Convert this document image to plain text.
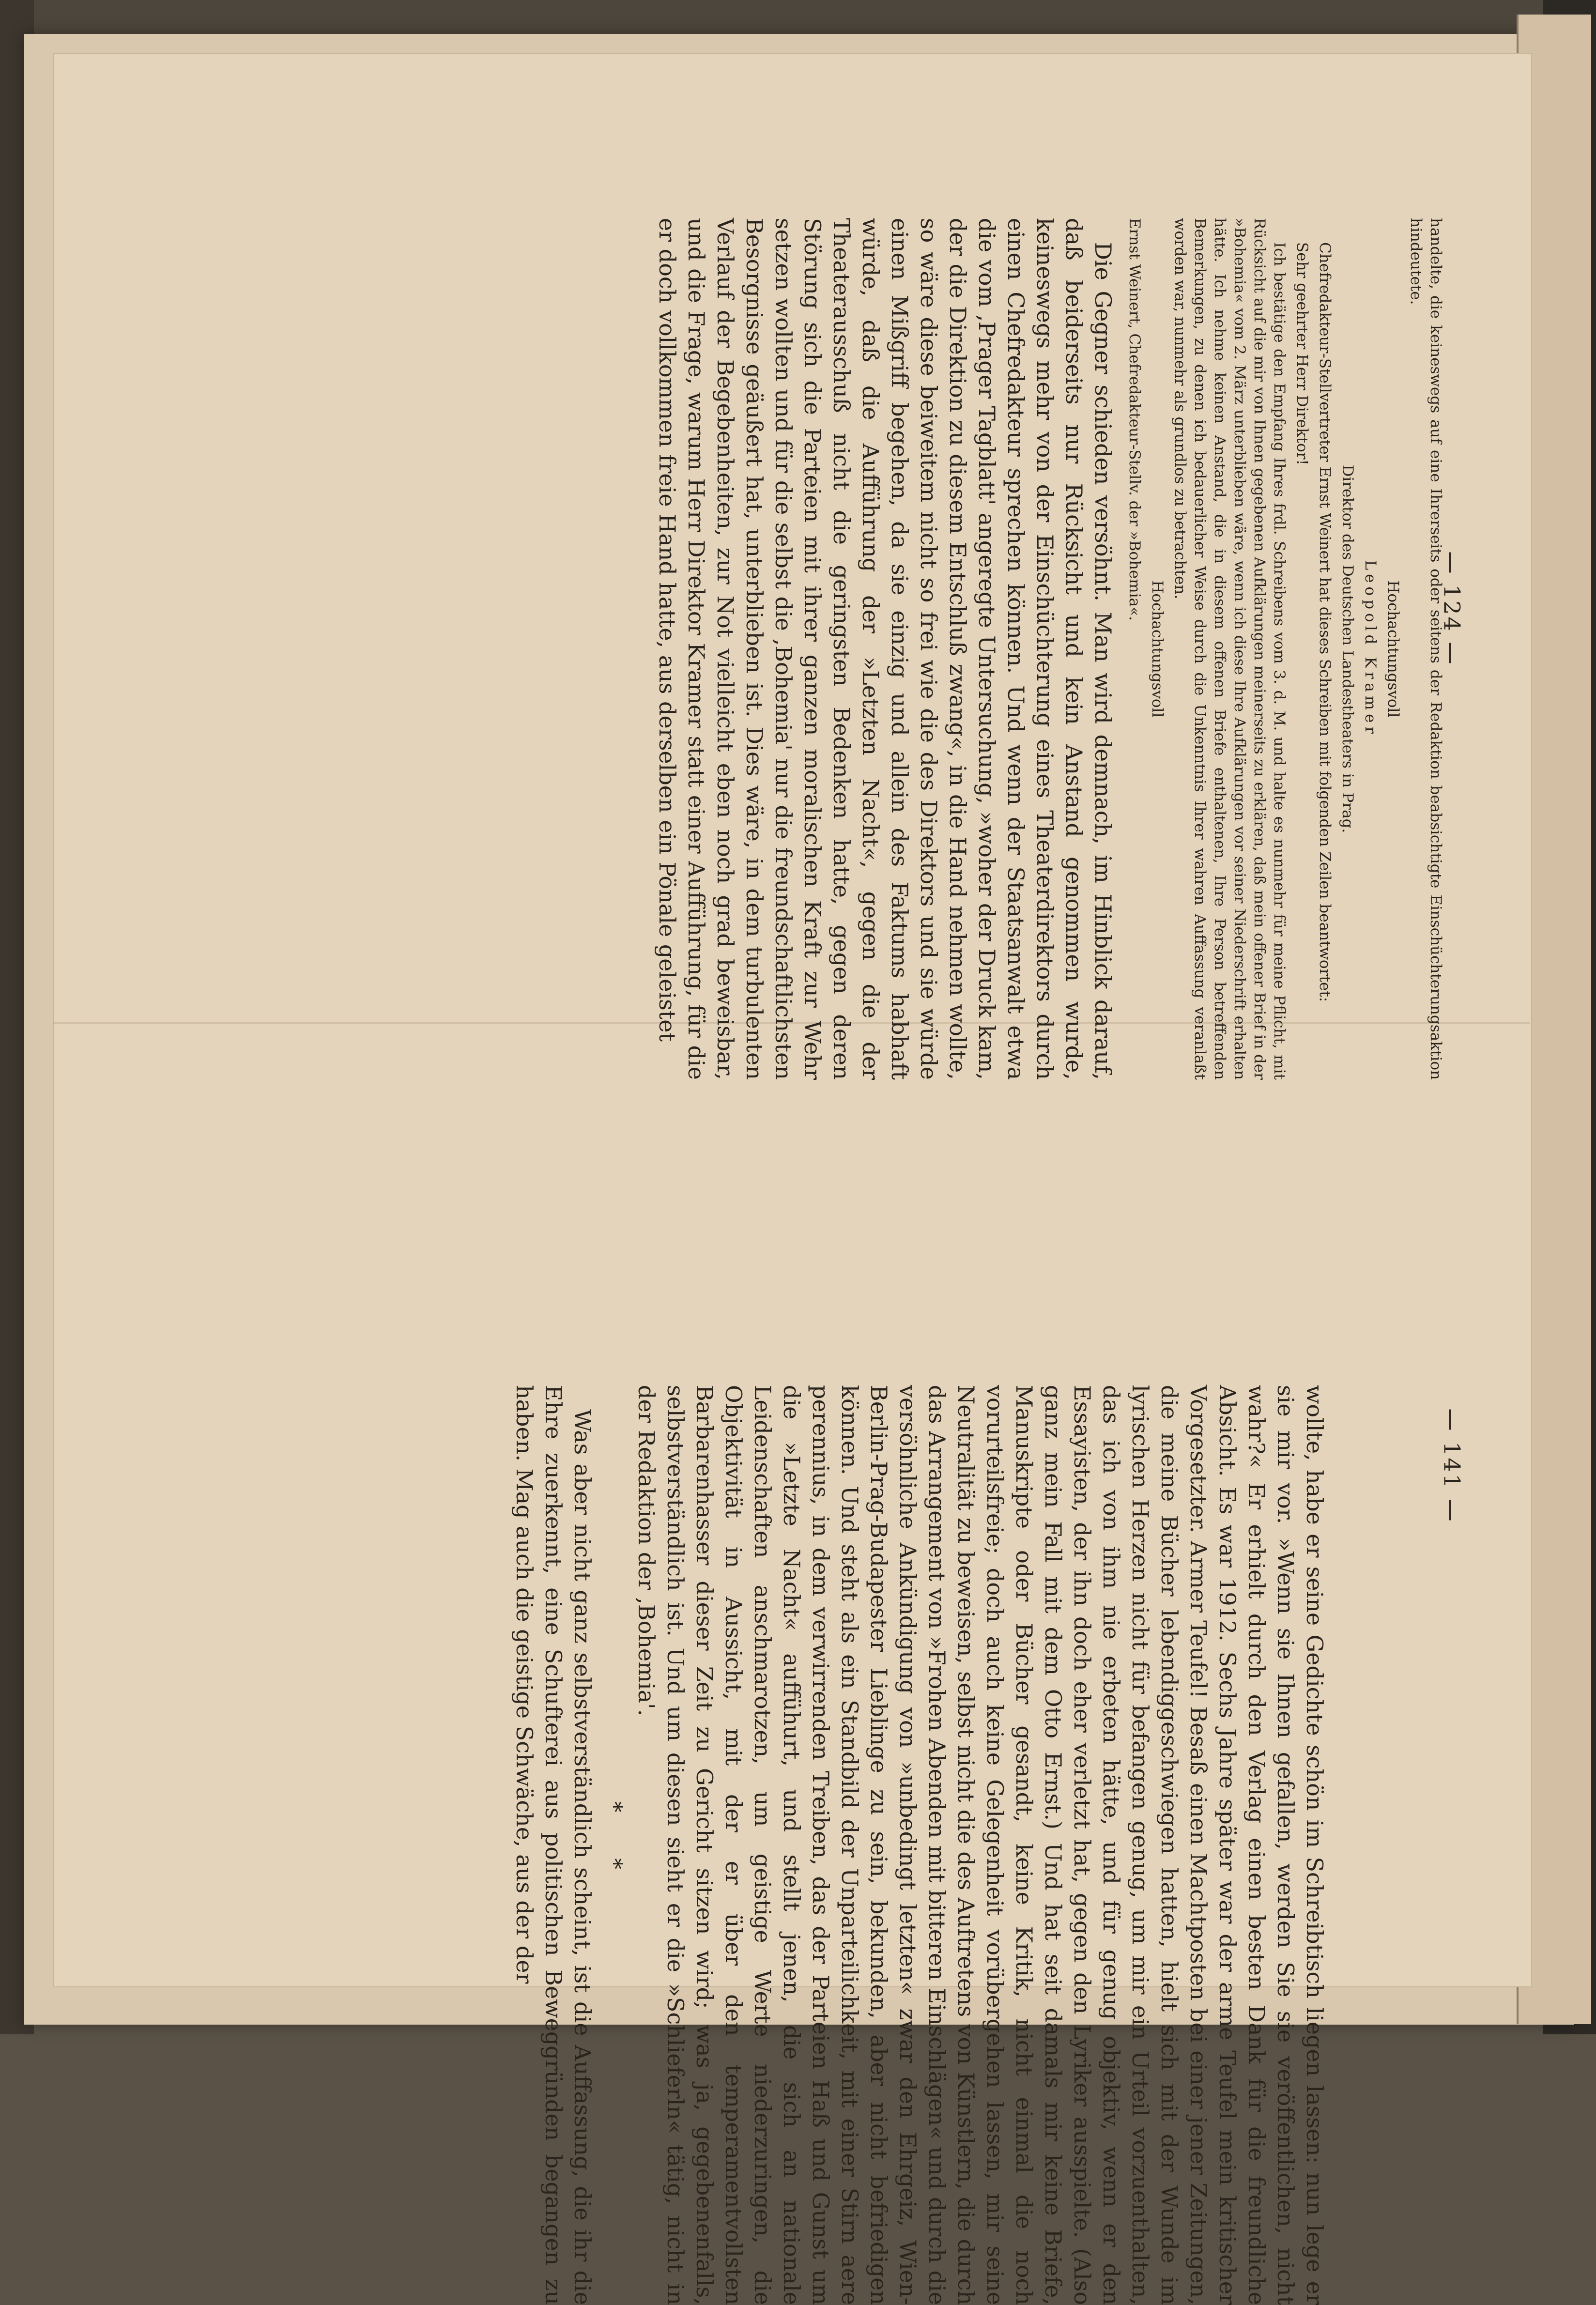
— 124 —

handelte, die keineswegs auf eine Ihrerseits oder seitens der Redaktion beabsichtigte Einschüchterungsaktion hindeutete.

Hochachtungsvoll

Leopold Kramer

Direktor des Deutschen Landestheaters in Prag.

Chefredakteur-Stellvertreter Ernst Weinert hat dieses Schreiben mit folgenden Zeilen beantwortet:

Sehr geehrter Herr Direktor!

Ich bestätige den Empfang Ihres frdl. Schreibens vom 3. d. M. und halte es nunmehr für meine Pflicht, mit Rücksicht auf die mir von Ihnen gegebenen Aufklärungen meinerseits zu erklären, daß mein offener Brief in der »Bohemia« vom 2. März unterblieben wäre, wenn ich diese Ihre Aufklärungen vor seiner Niederschrift erhalten hätte. Ich nehme keinen Anstand, die in diesem offenen Briefe enthaltenen, Ihre Person betreffenden Bemerkungen, zu denen ich bedauerlicher Weise durch die Unkenntnis Ihrer wahren Auffassung veranlaßt worden war, nunmehr als grundlos zu betrachten.

Hochachtungsvoll

Ernst Weinert, Chefredakteur-Stellv. der »Bohemia«.

Die Gegner schieden versöhnt. Man wird demnach, im Hinblick darauf, daß beiderseits nur Rücksicht und kein Anstand genommen wurde, keineswegs mehr von der Einschüchterung eines Theaterdirektors durch einen Chefredakteur sprechen können. Und wenn der Staatsanwalt etwa die vom ‚Prager Tagblatt' angeregte Untersuchung, »woher der Druck kam, der die Direktion zu diesem Entschluß zwang«, in die Hand nehmen wollte, so wäre diese beiweitem nicht so frei wie die des Direktors und sie würde einen Mißgriff begehen, da sie einzig und allein des Faktums habhaft würde, daß die Aufführung der »Letzten Nacht«, gegen die der Theaterausschuß nicht die geringsten Bedenken hatte, gegen deren Störung sich die Parteien mit ihrer ganzen moralischen Kraft zur Wehr setzen wollten und für die selbst die ‚Bohemia' nur die freundschaftlichsten Besorgnisse geäußert hat, unterblieben ist. Dies wäre, in dem turbulenten Verlauf der Begebenheiten, zur Not vielleicht eben noch grad beweisbar, und die Frage, warum Herr Direktor Kramer statt einer Aufführung, für die er doch vollkommen freie Hand hatte, aus derselben ein Pönale geleistet

— 141 —

wollte, habe er seine Gedichte schön im Schreibtisch liegen lassen: nun lege er sie mir vor. »Wenn sie Ihnen gefallen, werden Sie sie veröffentlichen, nicht wahr?« Er erhielt durch den Verlag einen besten Dank für die freundliche Absicht. Es war 1912. Sechs Jahre später war der arme Teufel mein kritischer Vorgesetzter. Armer Teufel! Besaß einen Machtposten bei einer jener Zeitungen, die meine Bücher lebendiggeschwiegen hatten, hielt sich mit der Wunde im lyrischen Herzen nicht für befangen genug, um mir ein Urteil vorzuenthalten, das ich von ihm nie erbeten hätte, und für genug objektiv, wenn er den Essayisten, der ihn doch eher verletzt hat, gegen den Lyriker ausspielte. (Also ganz mein Fall mit dem Otto Ernst.) Und hat seit damals mir keine Briefe, Manuskripte oder Bücher gesandt, keine Kritik, nicht einmal die noch vorurteilsfreie; doch auch keine Gelegenheit vorübergehen lassen, mir seine Neutralität zu beweisen, selbst nicht die des Auftretens von Künstlern, die durch das Arrangement von »Frohen Abenden mit bitteren Einschlägen« und durch die versöhnliche Ankündigung von »unbedingt letzten« zwar den Ehrgeiz, Wien-Berlin-Prag-Budapester Lieblinge zu sein, bekunden, aber nicht befriedigen können. Und steht als ein Standbild der Unparteilichkeit, mit einer Stirn aere perennius, in dem verwirrenden Treiben, das der Parteien Haß und Gunst um die »Letzte Nacht« auffühurt, und stellt jenen, die sich an nationale Leidenschaften anschmarotzen, um geistige Werte niederzuringen, die Objektivität in Aussicht, mit der er über den temperamentvollsten Barbarenhasser dieser Zeit zu Gericht sitzen wird; was ja, gegebenenfalls, selbstverständlich ist. Und um diesen sieht er die »Schlieferln« tätig, nicht in der Redaktion der ‚Bohemia'.

* *

Was aber nicht ganz selbstverständlich scheint, ist die Auffassung, die ihr die Ehre zuerkennt, eine Schufterei aus politischen Beweggründen begangen zu haben. Mag auch die geistige Schwäche, aus der der
